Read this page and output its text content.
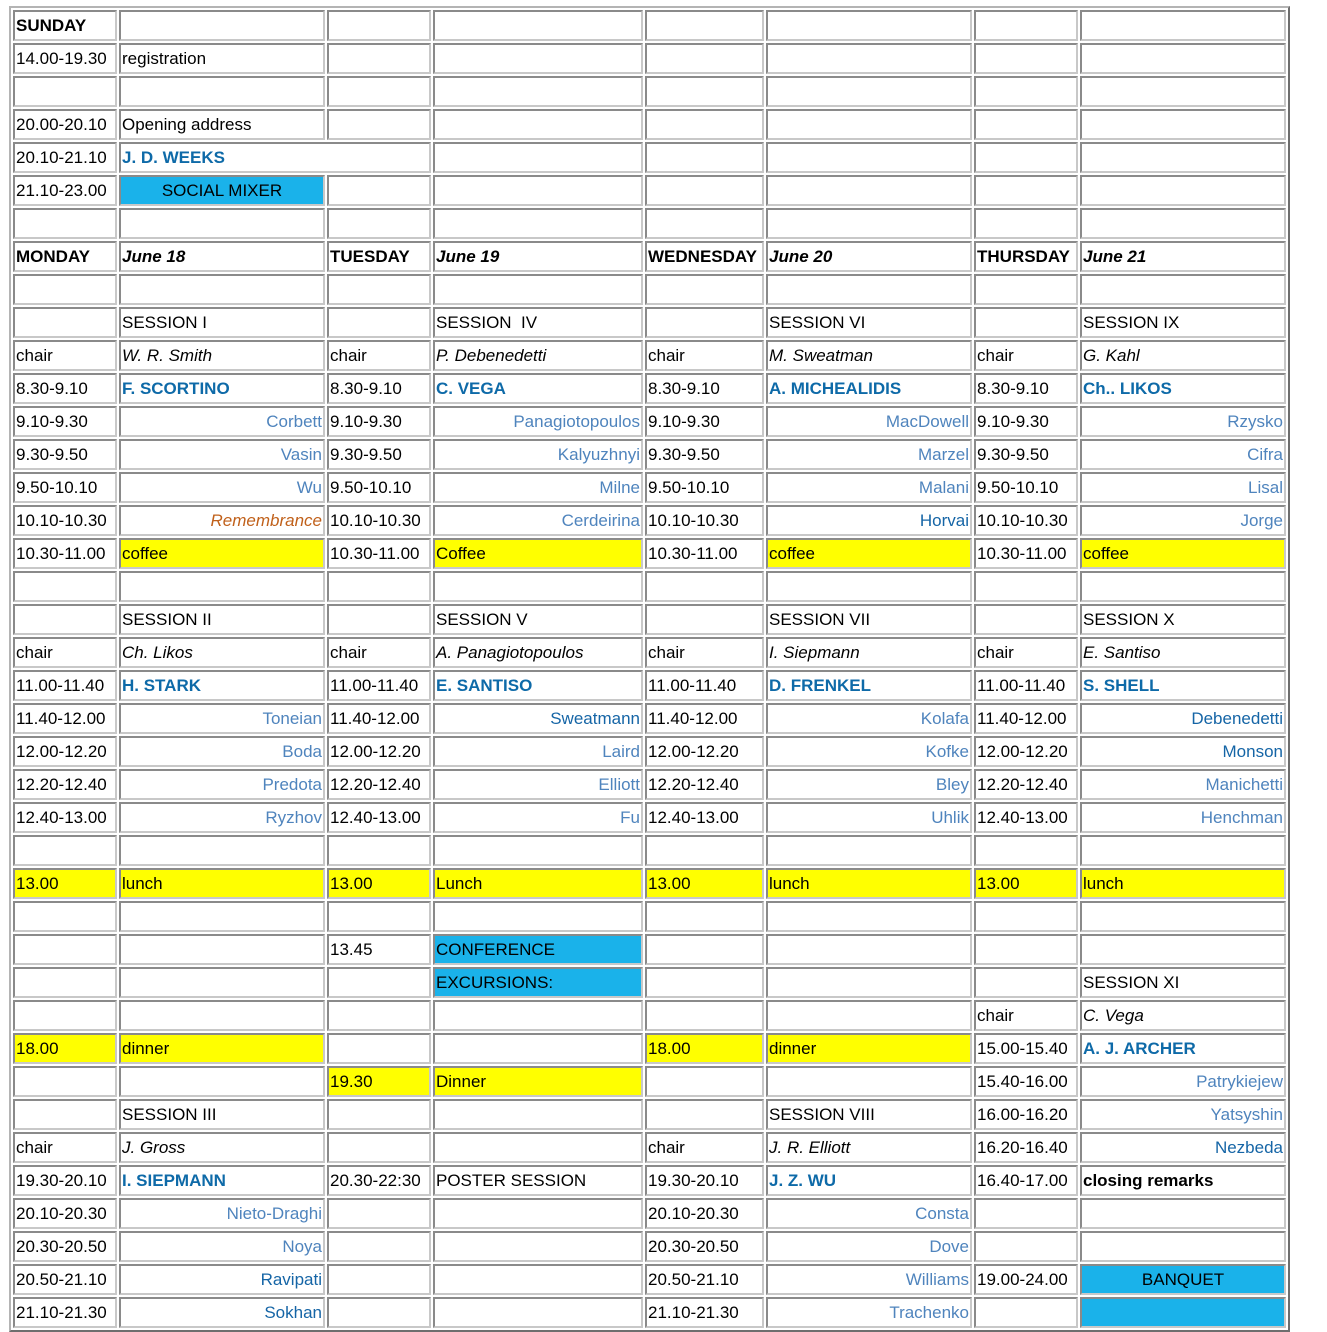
SUNDAY							
14.00-19.30	registration						

20.00-20.10	Opening address						
20.10-21.10	J. D. WEEKS						
21.10-23.00	SOCIAL MIXER						

MONDAY	June 18	TUESDAY	June 19	WEDNESDAY	June 20	THURSDAY	June 21

	SESSION I		SESSION  IV		SESSION VI		SESSION IX
chair	W. R. Smith	chair	P. Debenedetti	chair	M. Sweatman	chair	G. Kahl
8.30-9.10	F. SCORTINO	8.30-9.10	C. VEGA	8.30-9.10	A. MICHEALIDIS	8.30-9.10	Ch.. LIKOS
9.10-9.30	Corbett	9.10-9.30	Panagiotopoulos	9.10-9.30	MacDowell	9.10-9.30	Rzysko
9.30-9.50	Vasin	9.30-9.50	Kalyuzhnyi	9.30-9.50	Marzel	9.30-9.50	Cifra
9.50-10.10	Wu	9.50-10.10	Milne	9.50-10.10	Malani	9.50-10.10	Lisal
10.10-10.30	Remembrance	10.10-10.30	Cerdeirina	10.10-10.30	Horvai	10.10-10.30	Jorge
10.30-11.00	coffee	10.30-11.00	Coffee	10.30-11.00	coffee	10.30-11.00	coffee

	SESSION II		SESSION V		SESSION VII		SESSION X
chair	Ch. Likos	chair	A. Panagiotopoulos	chair	I. Siepmann	chair	E. Santiso
11.00-11.40	H. STARK	11.00-11.40	E. SANTISO	11.00-11.40	D. FRENKEL	11.00-11.40	S. SHELL
11.40-12.00	Toneian	11.40-12.00	Sweatmann	11.40-12.00	Kolafa	11.40-12.00	Debenedetti
12.00-12.20	Boda	12.00-12.20	Laird	12.00-12.20	Kofke	12.00-12.20	Monson
12.20-12.40	Predota	12.20-12.40	Elliott	12.20-12.40	Bley	12.20-12.40	Manichetti
12.40-13.00	Ryzhov	12.40-13.00	Fu	12.40-13.00	Uhlik	12.40-13.00	Henchman

13.00	lunch	13.00	Lunch	13.00	lunch	13.00	lunch

		13.45	CONFERENCE				
			EXCURSIONS:				SESSION XI
						chair	C. Vega
18.00	dinner			18.00	dinner	15.00-15.40	A. J. ARCHER
		19.30	Dinner			15.40-16.00	Patrykiejew
	SESSION III				SESSION VIII	16.00-16.20	Yatsyshin
chair	J. Gross			chair	J. R. Elliott	16.20-16.40	Nezbeda
19.30-20.10	I. SIEPMANN	20.30-22:30	POSTER SESSION	19.30-20.10	J. Z. WU	16.40-17.00	closing remarks
20.10-20.30	Nieto-Draghi			20.10-20.30	Consta		
20.30-20.50	Noya			20.30-20.50	Dove		
20.50-21.10	Ravipati			20.50-21.10	Williams	19.00-24.00	BANQUET
21.10-21.30	Sokhan			21.10-21.30	Trachenko		
